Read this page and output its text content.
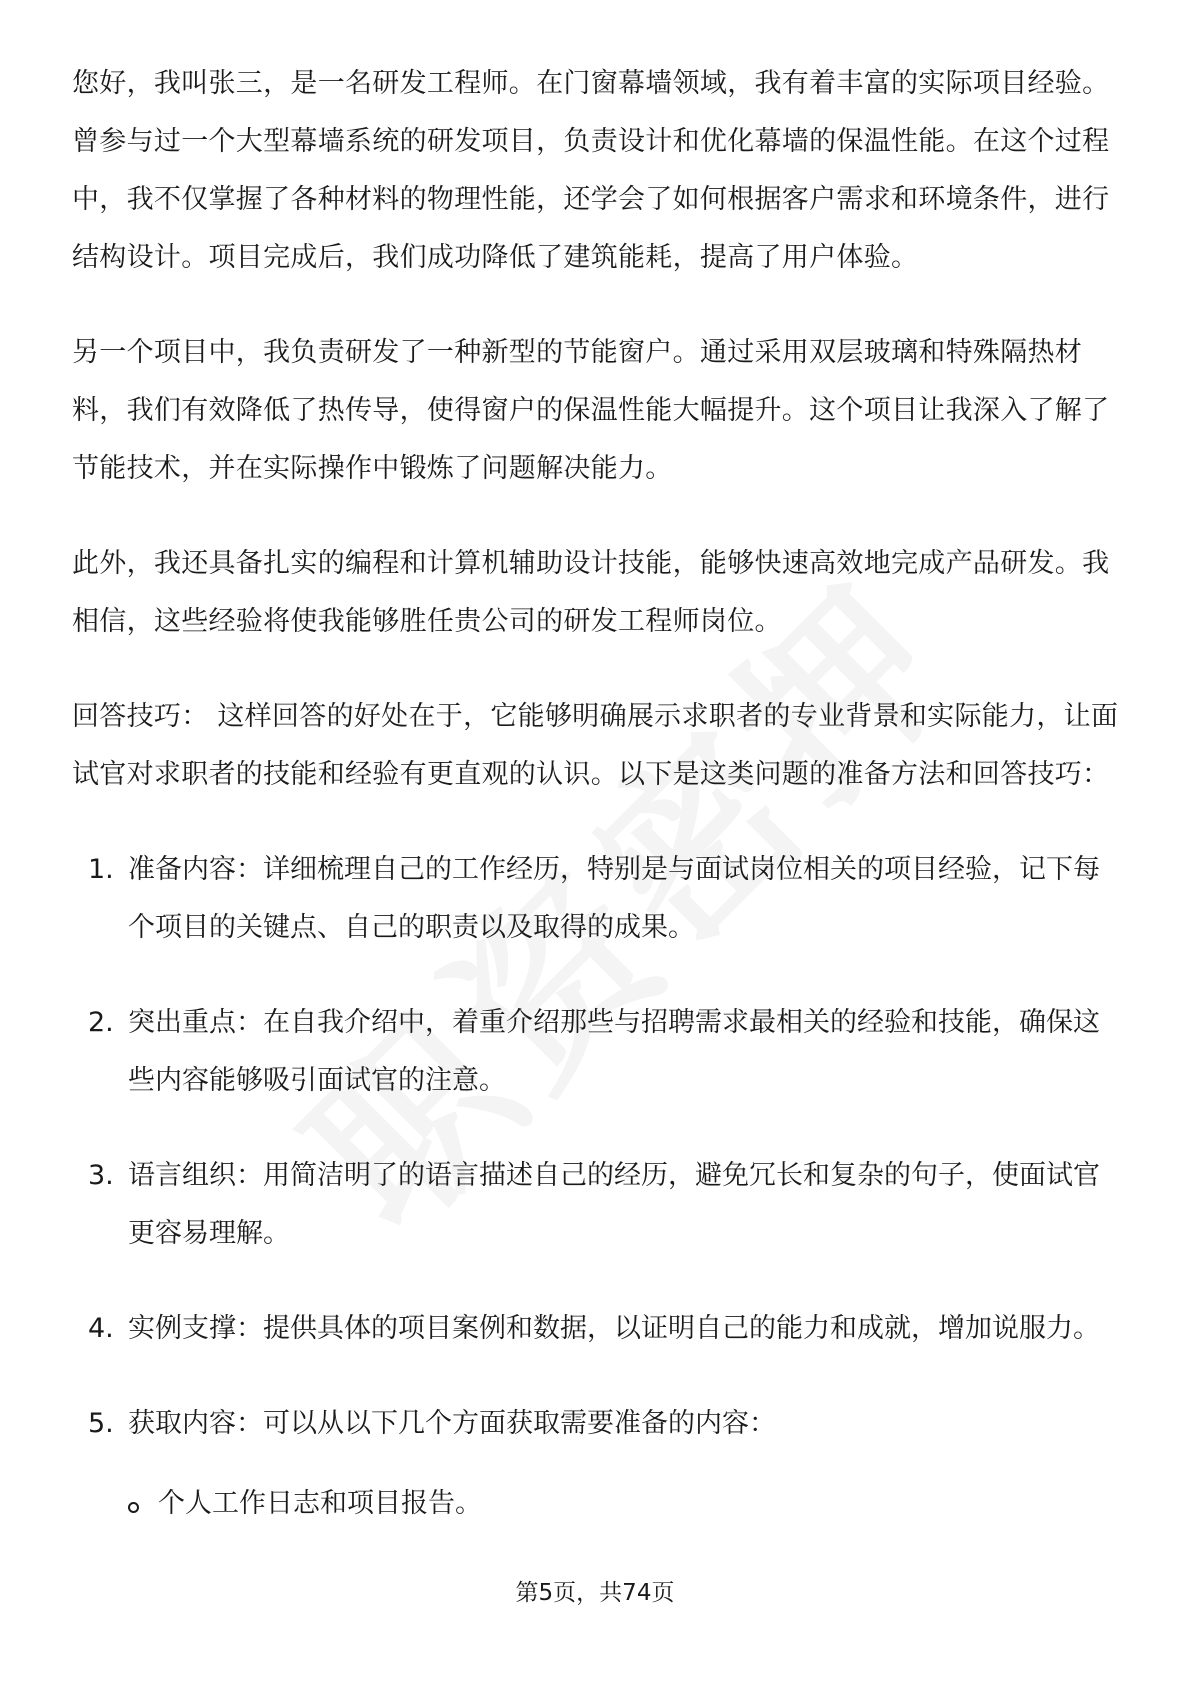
您好，我叫张三，是一名研发工程师。在门窗幕墙领域，我有着丰富的实际项目经验。曾参与过一个大型幕墙系统的研发项目，负责设计和优化幕墙的保温性能。在这个过程中，我不仅掌握了各种材料的物理性能，还学会了如何根据客户需求和环境条件，进行结构设计。项目完成后，我们成功降低了建筑能耗，提高了用户体验。

另一个项目中，我负责研发了一种新型的节能窗户。通过采用双层玻璃和特殊隔热材料，我们有效降低了热传导，使得窗户的保温性能大幅提升。这个项目让我深入了解了节能技术，并在实际操作中锻炼了问题解决能力。

此外，我还具备扎实的编程和计算机辅助设计技能，能够快速高效地完成产品研发。我相信，这些经验将使我能够胜任贵公司的研发工程师岗位。

回答技巧： 这样回答的好处在于，它能够明确展示求职者的专业背景和实际能力，让面试官对求职者的技能和经验有更直观的认识。以下是这类问题的准备方法和回答技巧：

1. 准备内容：详细梳理自己的工作经历，特别是与面试岗位相关的项目经验，记下每个项目的关键点、自己的职责以及取得的成果。
2. 突出重点：在自我介绍中，着重介绍那些与招聘需求最相关的经验和技能，确保这些内容能够吸引面试官的注意。
3. 语言组织：用简洁明了的语言描述自己的经历，避免冗长和复杂的句子，使面试官更容易理解。
4. 实例支撑：提供具体的项目案例和数据，以证明自己的能力和成就，增加说服力。
5. 获取内容：可以从以下几个方面获取需要准备的内容：
个人工作日志和项目报告。
第5页，共74页
